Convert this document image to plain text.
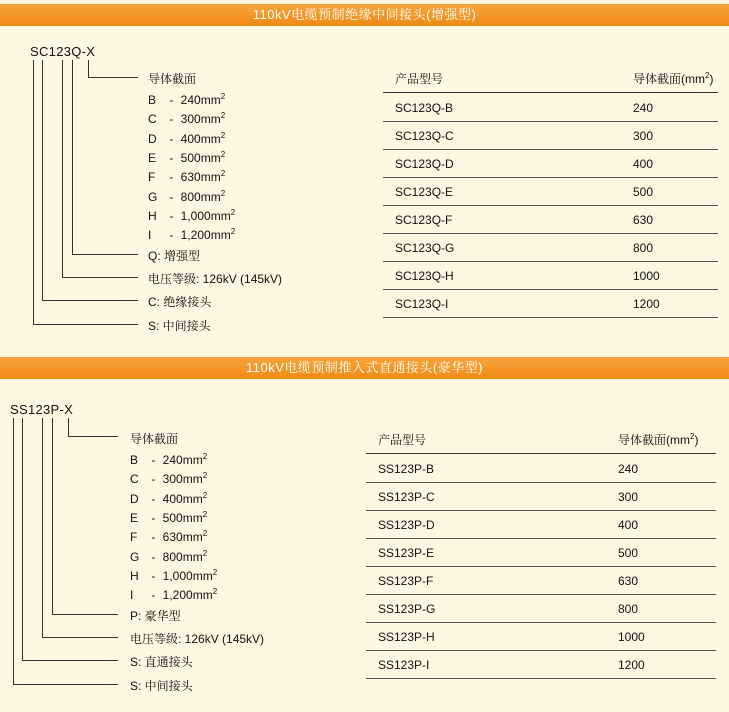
110kV电缆预制绝缘中间接头(增强型)
SC123Q-X
导体截面
Q: 增强型
电压等级: 126kV (145kV)
C: 绝缘接头
S: 中间接头
B - $240mm^2$
C - $300mm^2$
D - $400mm^2$
E - $500mm^2$
F - $630mm^2$
G - $800mm^2$
H - $1,000mm^2$
I - $1,200mm^2$
产品型号	导体截面$(mm^2)$
SC123Q-B	240
SC123Q-C	300
SC123Q-D	400
SC123Q-E	500
SC123Q-F	630
SC123Q-G	800
SC123Q-H	1000
SC123Q-I	1200
110kV电缆预制推入式直通接头(豪华型)
SS123P-X
导体截面
P: 豪华型
电压等级: 126kV (145kV)
S: 直通接头
S: 中间接头
B - $240mm^2$
C - $300mm^2$
D - $400mm^2$
E - $500mm^2$
F - $630mm^2$
G - $800mm^2$
H - $1,000mm^2$
I - $1,200mm^2$
产品型号	导体截面$(mm^2)$
SS123P-B	240
SS123P-C	300
SS123P-D	400
SS123P-E	500
SS123P-F	630
SS123P-G	800
SS123P-H	1000
SS123P-I	1200
